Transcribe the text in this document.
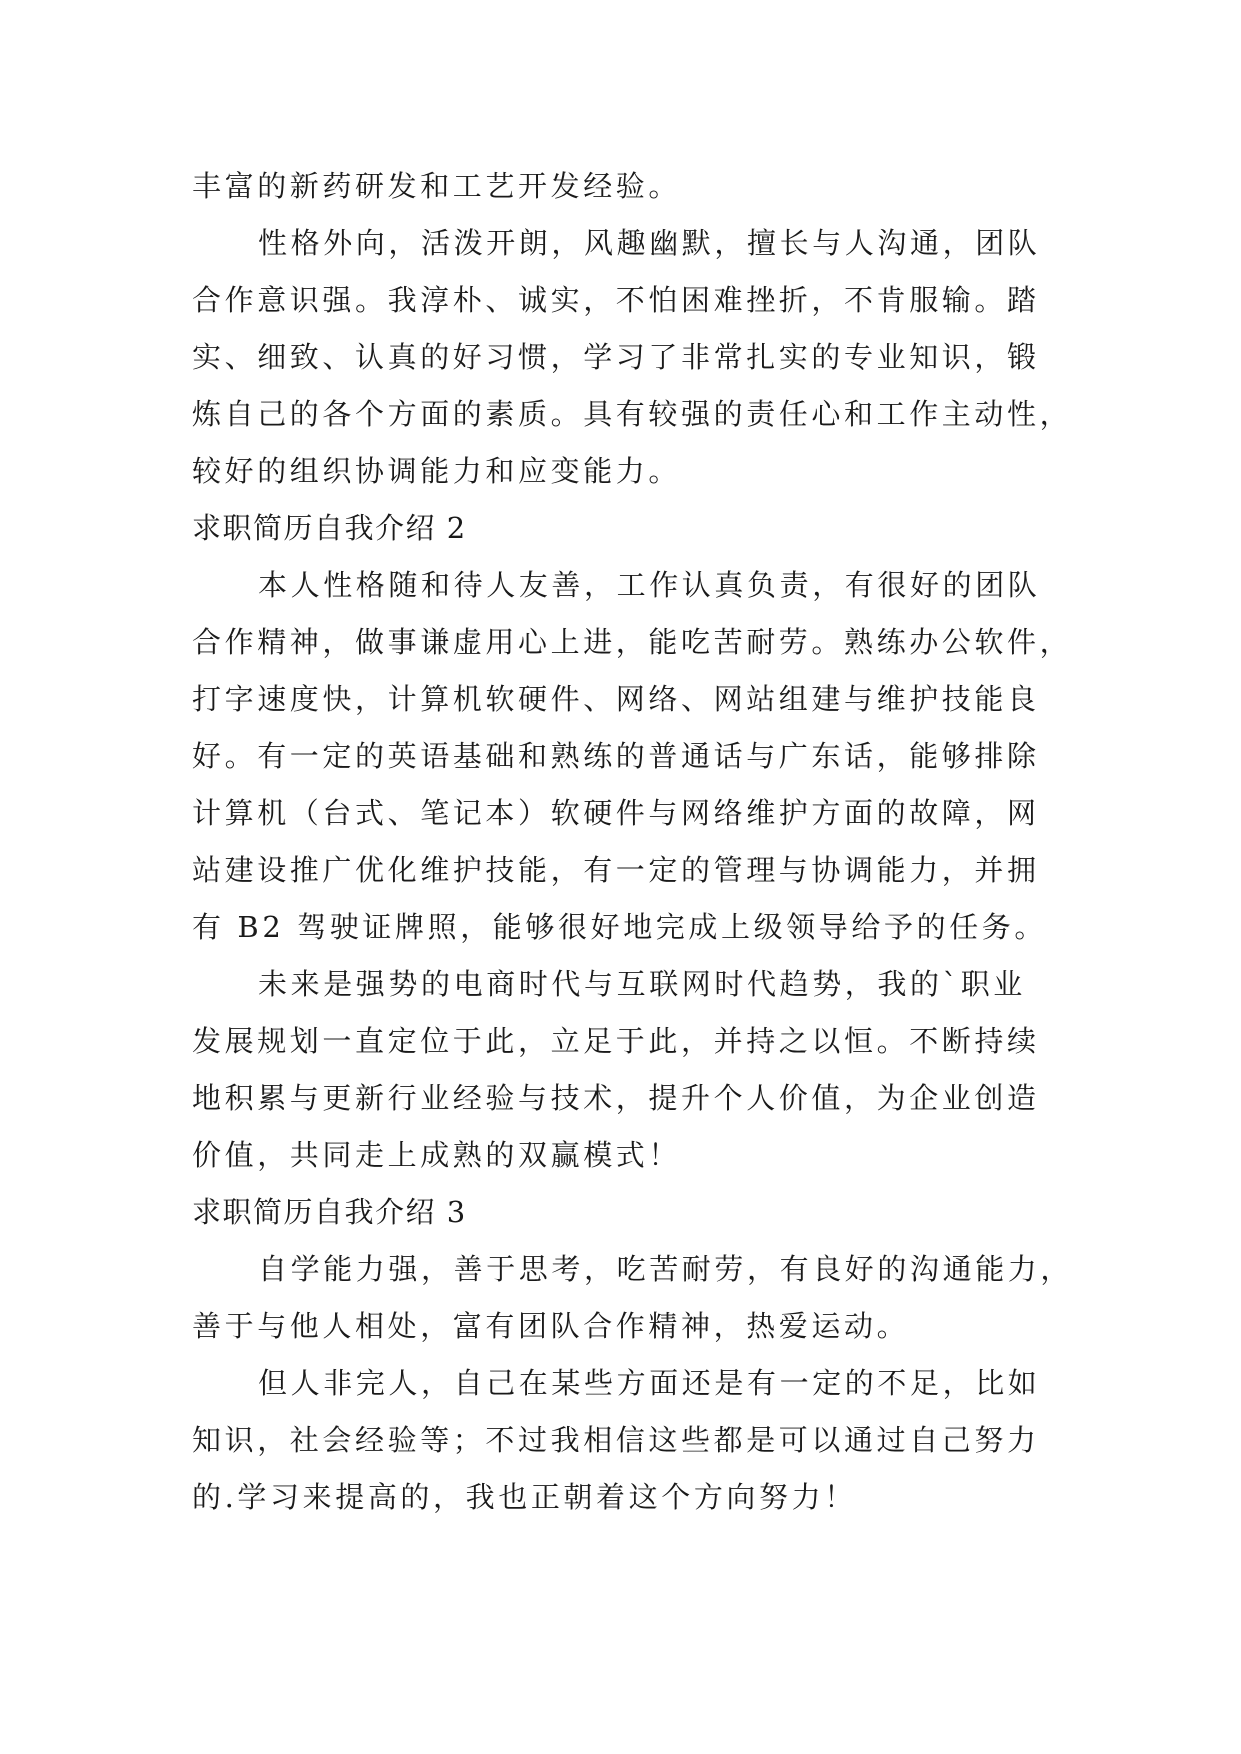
丰富的新药研发和工艺开发经验。
性格外向，活泼开朗，风趣幽默，擅长与人沟通，团队
合作意识强。我淳朴、诚实，不怕困难挫折，不肯服输。踏
实、细致、认真的好习惯，学习了非常扎实的专业知识，锻
炼自己的各个方面的素质。具有较强的责任心和工作主动性，
较好的组织协调能力和应变能力。
求职简历自我介绍 2
本人性格随和待人友善，工作认真负责，有很好的团队
合作精神，做事谦虚用心上进，能吃苦耐劳。熟练办公软件，
打字速度快，计算机软硬件、网络、网站组建与维护技能良
好。有一定的英语基础和熟练的普通话与广东话，能够排除
计算机（台式、笔记本）软硬件与网络维护方面的故障，网
站建设推广优化维护技能，有一定的管理与协调能力，并拥
有 B2 驾驶证牌照，能够很好地完成上级领导给予的任务。
未来是强势的电商时代与互联网时代趋势，我的`职业
发展规划一直定位于此，立足于此，并持之以恒。不断持续
地积累与更新行业经验与技术，提升个人价值，为企业创造
价值，共同走上成熟的双赢模式！
求职简历自我介绍 3
自学能力强，善于思考，吃苦耐劳，有良好的沟通能力，
善于与他人相处，富有团队合作精神，热爱运动。
但人非完人，自己在某些方面还是有一定的不足，比如
知识，社会经验等；不过我相信这些都是可以通过自己努力
的.学习来提高的，我也正朝着这个方向努力！
